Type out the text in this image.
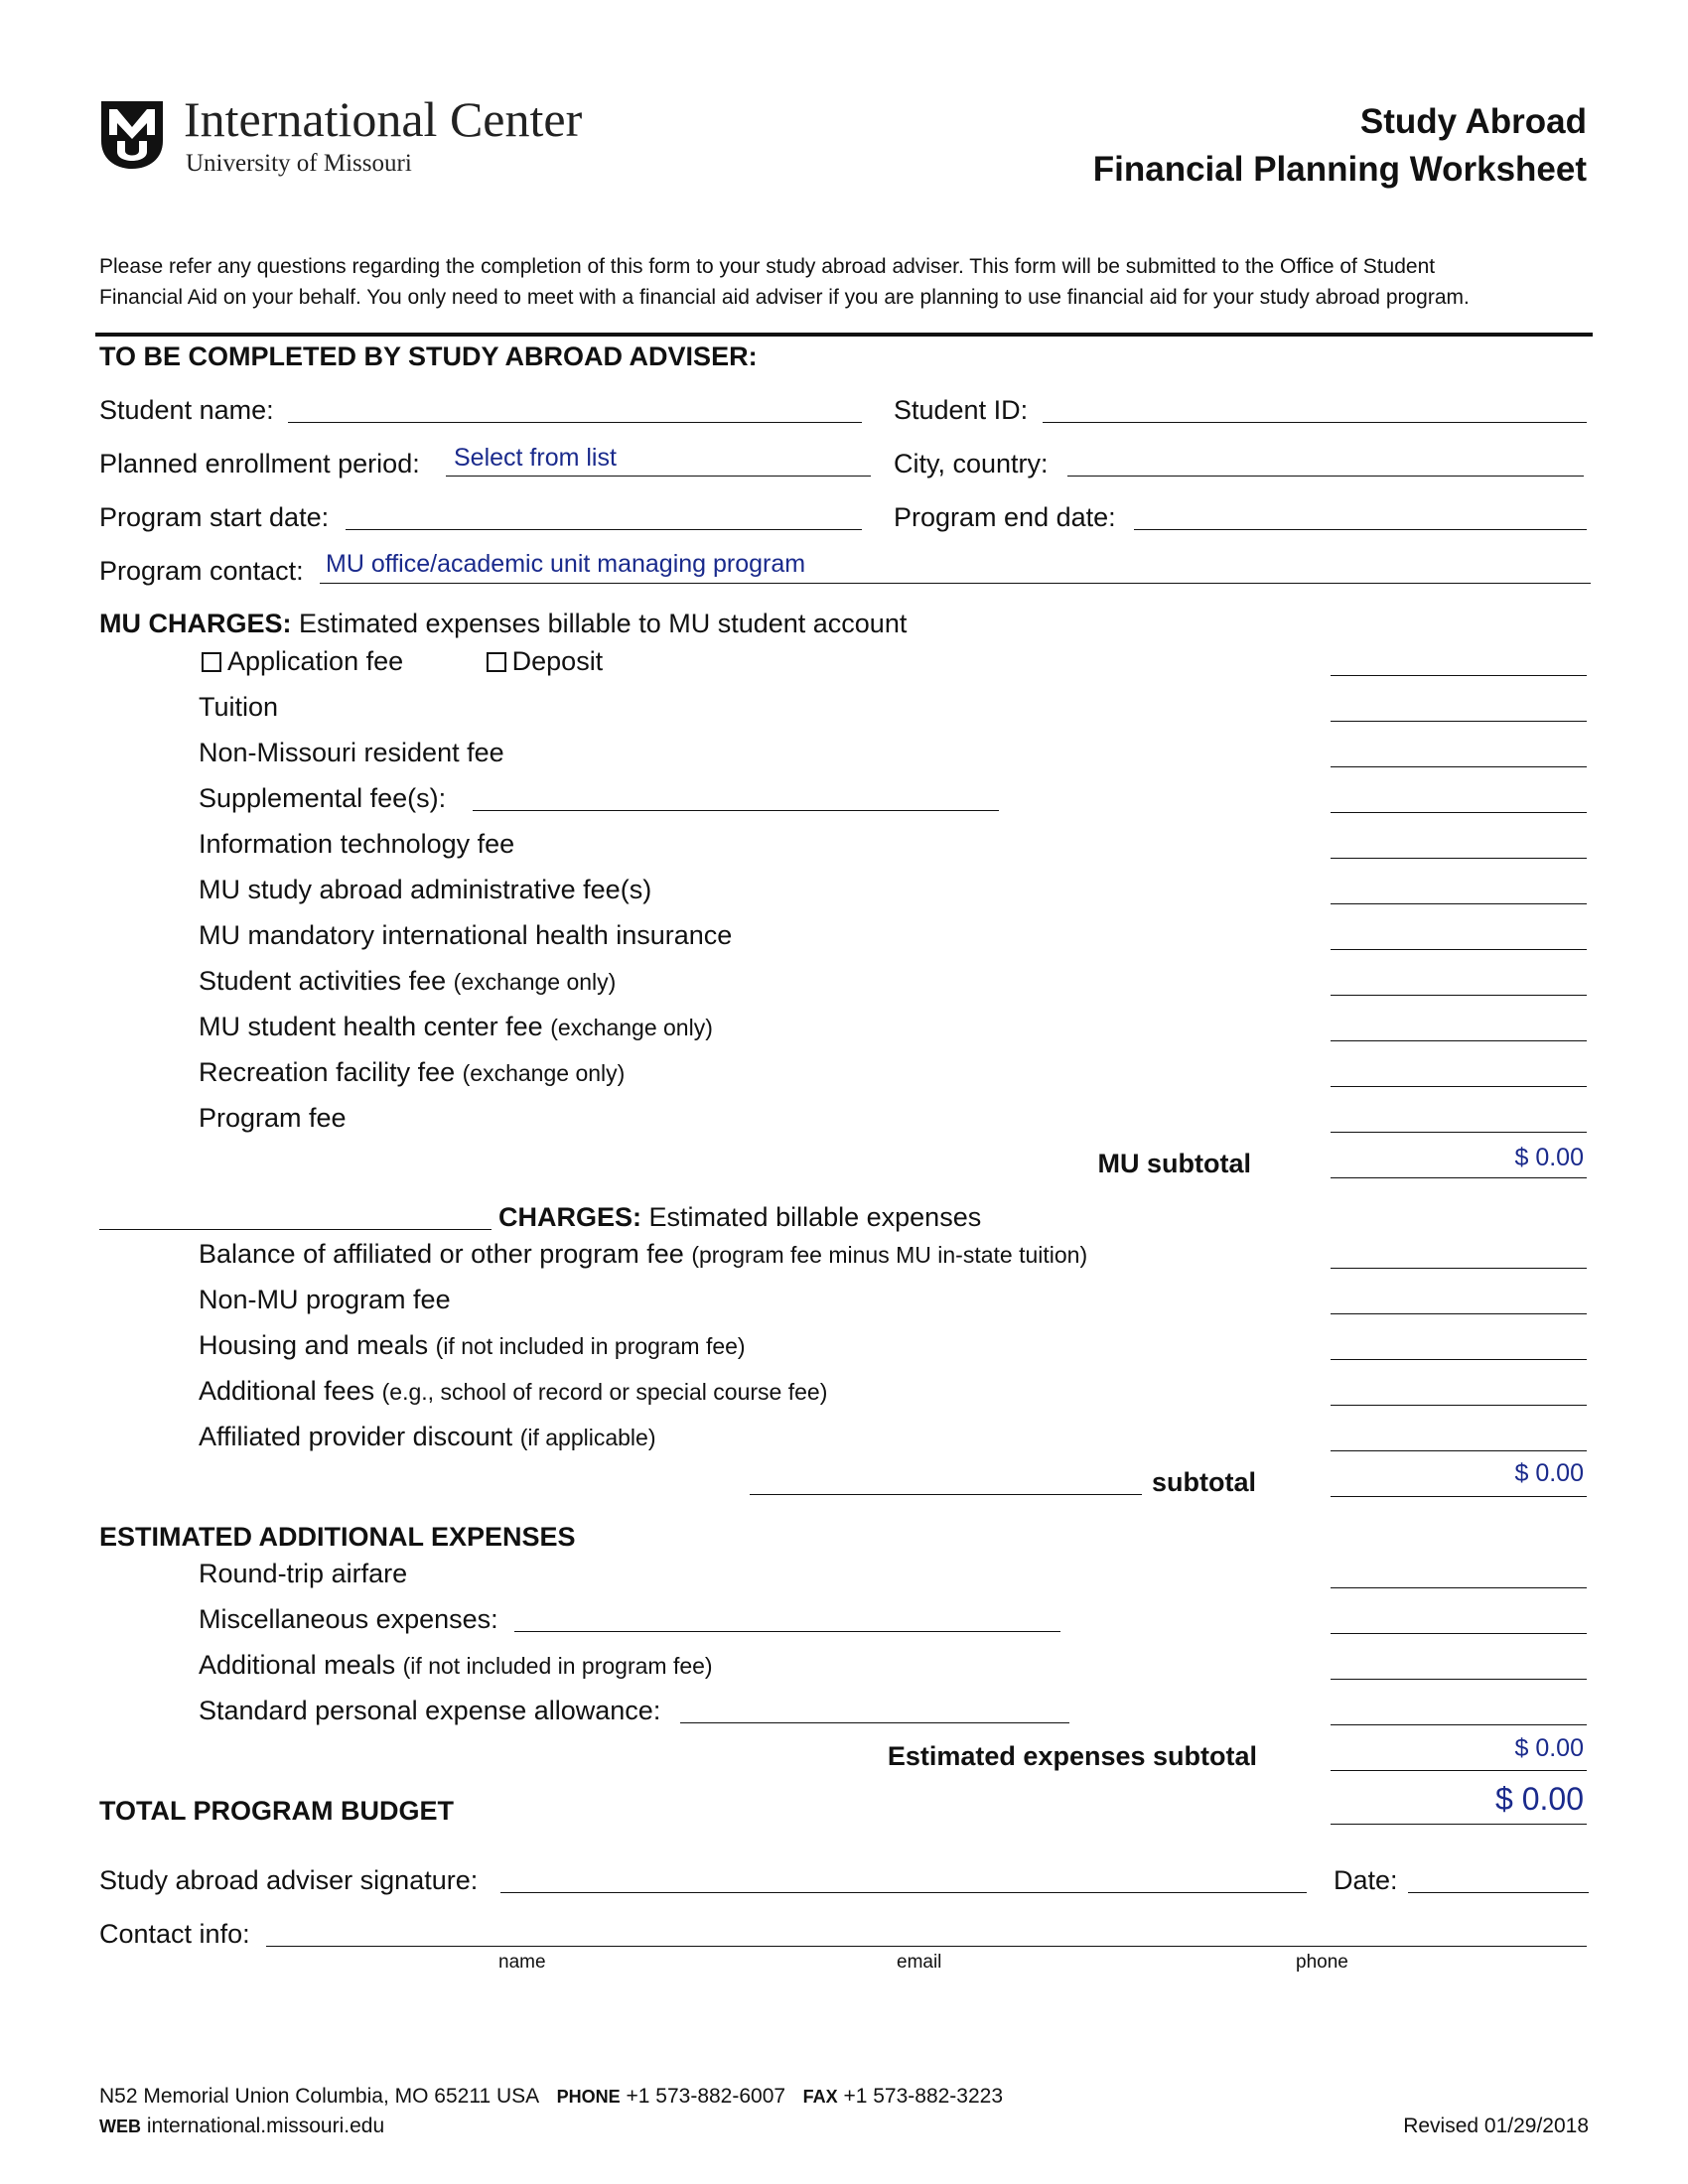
International Center
University of Missouri
Study Abroad
Financial Planning Worksheet
Please refer any questions regarding the completion of this form to your study abroad adviser. This form will be submitted to the Office of Student
Financial Aid on your behalf. You only need to meet with a financial aid adviser if you are planning to use financial aid for your study abroad program.
TO BE COMPLETED BY STUDY ABROAD ADVISER:
Student name:	Student ID:
Planned enrollment period: Select from list	City, country:
Program start date:	Program end date:
Program contact: MU office/academic unit managing program
MU CHARGES: Estimated expenses billable to MU student account
Application fee	Deposit
Tuition
Non-Missouri resident fee
Supplemental fee(s):
Information technology fee
MU study abroad administrative fee(s)
MU mandatory international health insurance
Student activities fee (exchange only)
MU student health center fee (exchange only)
Recreation facility fee (exchange only)
Program fee
MU subtotal	$ 0.00
CHARGES: Estimated billable expenses
Balance of affiliated or other program fee (program fee minus MU in-state tuition)
Non-MU program fee
Housing and meals (if not included in program fee)
Additional fees (e.g., school of record or special course fee)
Affiliated provider discount (if applicable)
subtotal	$ 0.00
ESTIMATED ADDITIONAL EXPENSES
Round-trip airfare
Miscellaneous expenses:
Additional meals (if not included in program fee)
Standard personal expense allowance:
Estimated expenses subtotal	$ 0.00
TOTAL PROGRAM BUDGET	$ 0.00
Study abroad adviser signature:	Date:
Contact info:
name	email	phone
N52 Memorial Union Columbia, MO 65211 USA PHONE +1 573-882-6007 FAX +1 573-882-3223
WEB international.missouri.edu	Revised 01/29/2018
